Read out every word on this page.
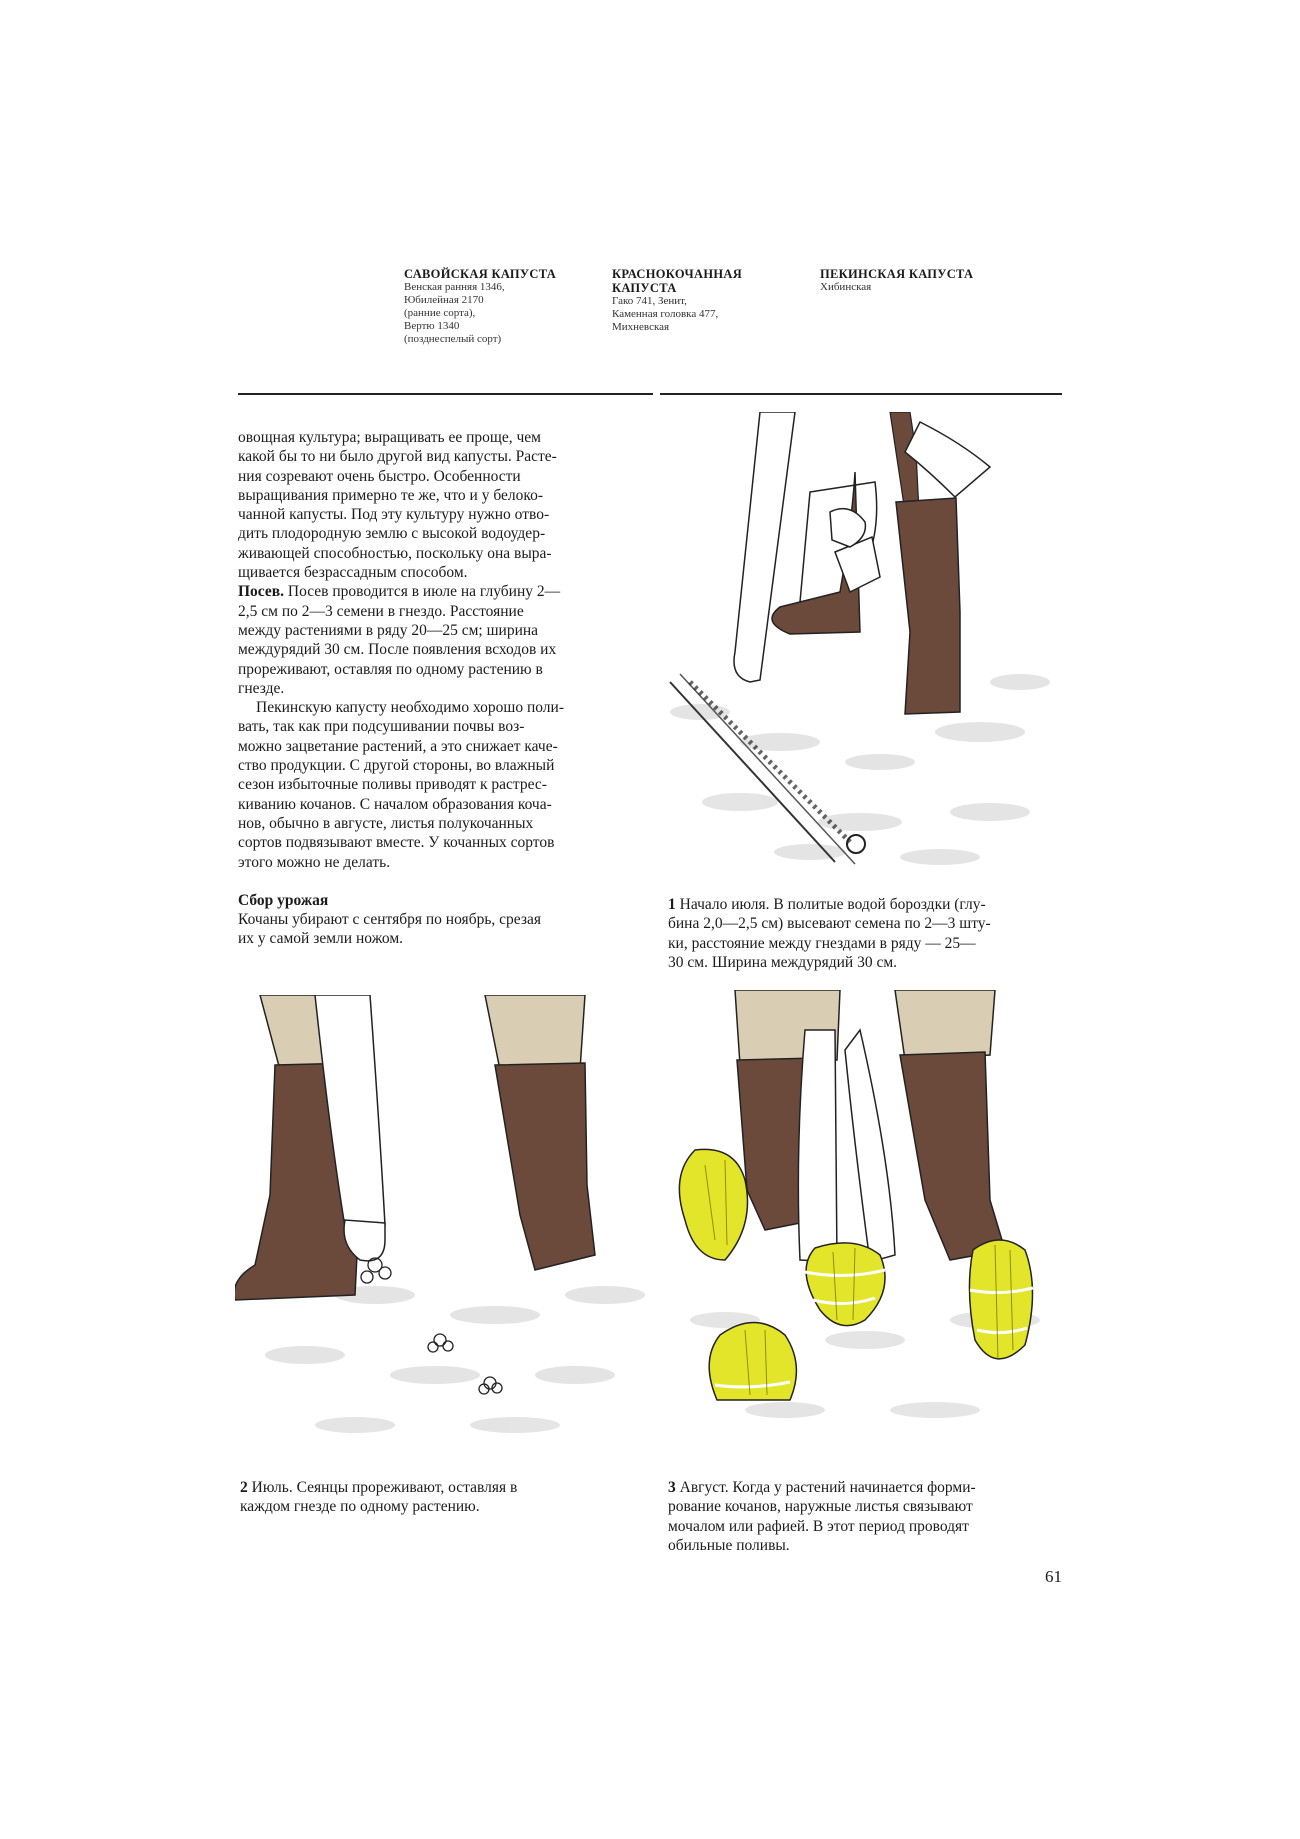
САВОЙСКАЯ КАПУСТА
Венская ранняя 1346,
Юбилейная 2170
(ранние сорта),
Вертю 1340
(позднеспелый сорт)
КРАСНОКОЧАННАЯ
КАПУСТА
Гако 741, Зенит,
Каменная головка 477,
Михневская
ПЕКИНСКАЯ КАПУСТА
Хибинская

овощная культура; выращивать ее проще, чем

какой бы то ни было другой вид капусты. Расте-

ния созревают очень быстро. Особенности

выращивания примерно те же, что и у белоко-

чанной капусты. Под эту культуру нужно отво-

дить плодородную землю с высокой водоудер-

живающей способностью, поскольку она выра-

щивается безрассадным способом.

Посев. Посев проводится в июле на глубину 2—

2,5 см по 2—3 семени в гнездо. Расстояние

между растениями в ряду 20—25 см; ширина

междурядий 30 см. После появления всходов их

прореживают, оставляя по одному растению в

гнезде.

Пекинскую капусту необходимо хорошо поли-

вать, так как при подсушивании почвы воз-

можно зацветание растений, а это снижает каче-

ство продукции. С другой стороны, во влажный

сезон избыточные поливы приводят к растрес-

киванию кочанов. С началом образования кочa-

нов, обычно в августе, листья полукочанных

сортов подвязывают вместе. У кочанных сортов

этого можно не делать.

Сбор урожая

Кочаны убирают с сентября по ноябрь, срезая

их у самой земли ножом.

1 Начало июля. В политые водой бороздки (глу-
бина 2,0—2,5 см) высевают семена по 2—3 шту-
ки, расстояние между гнездами в ряду — 25—
30 см. Ширина междурядий 30 см.
2 Июль. Сеянцы прореживают, оставляя в
каждом гнезде по одному растению.
3 Август. Когда у растений начинается форми-
рование кочанов, наружные листья связывают
мочалом или рафией. В этот период проводят
обильные поливы.
61
